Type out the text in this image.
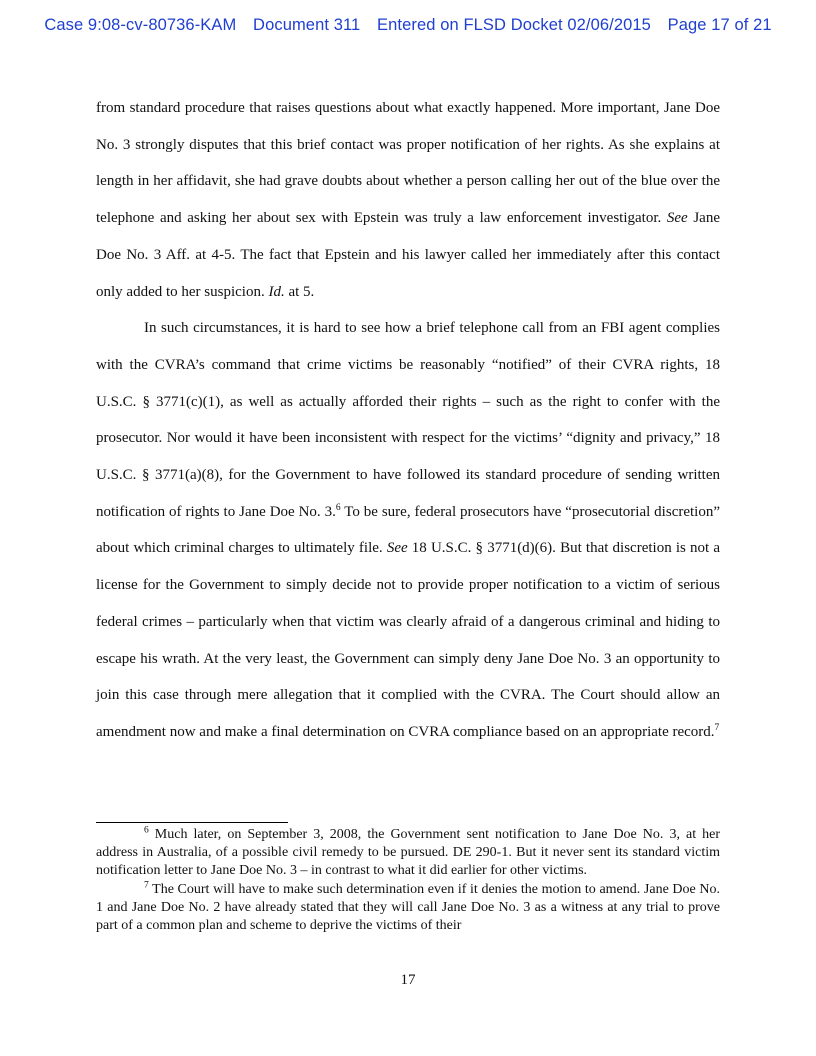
Case 9:08-cv-80736-KAM Document 311 Entered on FLSD Docket 02/06/2015 Page 17 of 21

from standard procedure that raises questions about what exactly happened. More important, Jane Doe No. 3 strongly disputes that this brief contact was proper notification of her rights. As she explains at length in her affidavit, she had grave doubts about whether a person calling her out of the blue over the telephone and asking her about sex with Epstein was truly a law enforcement investigator. See Jane Doe No. 3 Aff. at 4-5. The fact that Epstein and his lawyer called her immediately after this contact only added to her suspicion. Id. at 5.

In such circumstances, it is hard to see how a brief telephone call from an FBI agent complies with the CVRA’s command that crime victims be reasonably “notified” of their CVRA rights, 18 U.S.C. § 3771(c)(1), as well as actually afforded their rights – such as the right to confer with the prosecutor. Nor would it have been inconsistent with respect for the victims’ “dignity and privacy,” 18 U.S.C. § 3771(a)(8), for the Government to have followed its standard procedure of sending written notification of rights to Jane Doe No. 3.$^6$ To be sure, federal prosecutors have “prosecutorial discretion” about which criminal charges to ultimately file. See 18 U.S.C. § 3771(d)(6). But that discretion is not a license for the Government to simply decide not to provide proper notification to a victim of serious federal crimes – particularly when that victim was clearly afraid of a dangerous criminal and hiding to escape his wrath. At the very least, the Government can simply deny Jane Doe No. 3 an opportunity to join this case through mere allegation that it complied with the CVRA. The Court should allow an amendment now and make a final determination on CVRA compliance based on an appropriate record.$^7$

$^6$ Much later, on September 3, 2008, the Government sent notification to Jane Doe No. 3, at her address in Australia, of a possible civil remedy to be pursued. DE 290-1. But it never sent its standard victim notification letter to Jane Doe No. 3 – in contrast to what it did earlier for other victims.

$^7$ The Court will have to make such determination even if it denies the motion to amend. Jane Doe No. 1 and Jane Doe No. 2 have already stated that they will call Jane Doe No. 3 as a witness at any trial to prove part of a common plan and scheme to deprive the victims of their

17
